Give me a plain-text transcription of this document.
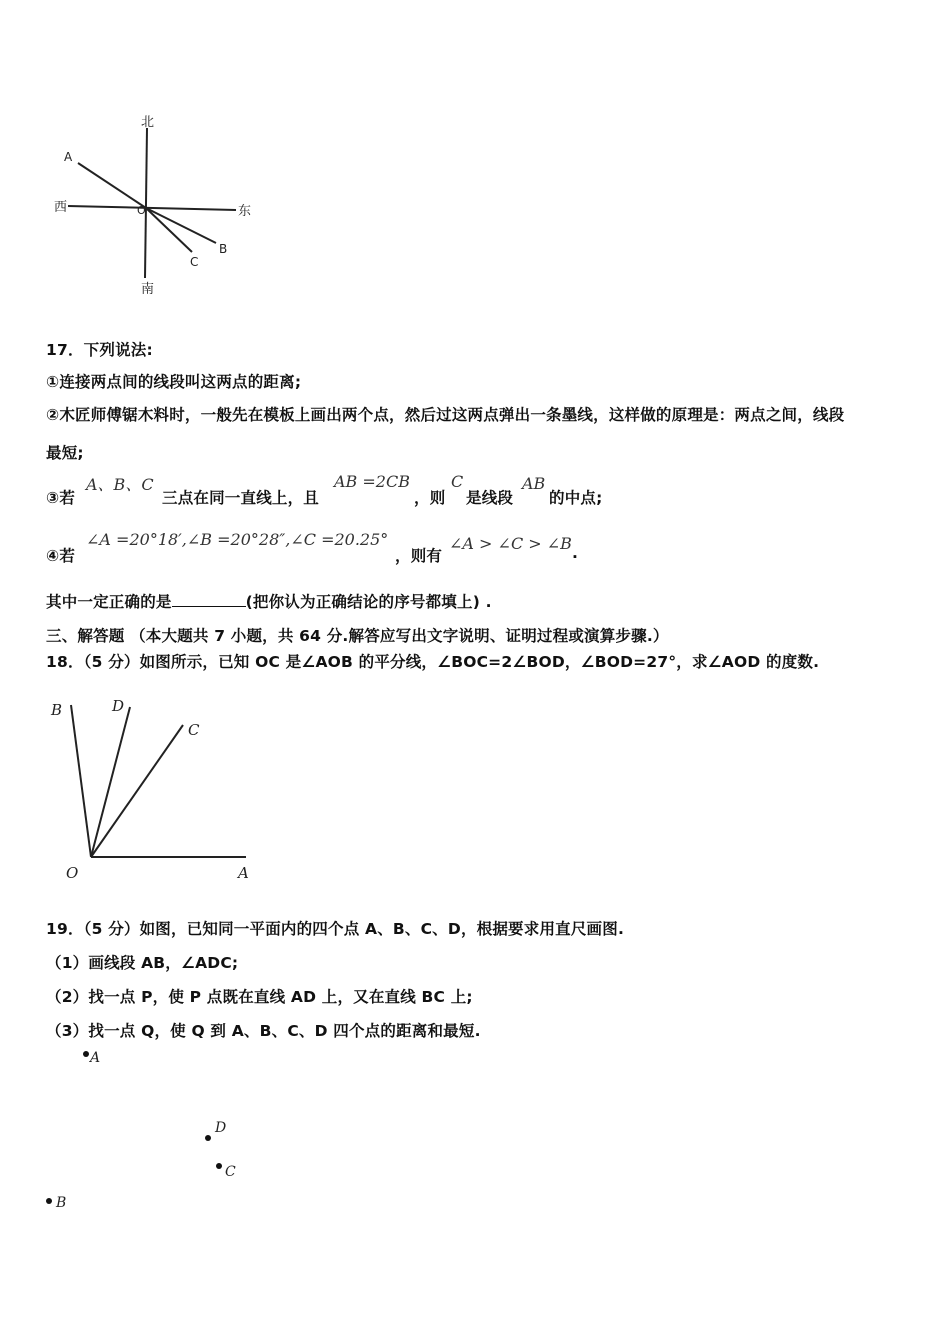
北
南
西	东
O
A
B
C
17．下列说法:
①连接两点间的线段叫这两点的距离;
②木匠师傅锯木料时，一般先在模板上画出两个点，然后过这两点弹出一条墨线，这样做的原理是：两点之间，线段
最短;
③若
A、B、C
三点在同一直线上，且
AB =2CB
，则
C
是线段
AB
的中点;
④若
∠A =20°18′,∠B =20°28″,∠C =20.25°
，则有
∠A > ∠C > ∠B .
其中一定正确的是	(把你认为正确结论的序号都填上) .
三、解答题 （本大题共 7 小题，共 64 分.解答应写出文字说明、证明过程或演算步骤.）
18．（5 分）如图所示，已知 OC 是∠AOB 的平分线，∠BOC=2∠BOD，∠BOD=27°，求∠AOD 的度数.
B	D
C
O	A
19．（5 分）如图，已知同一平面内的四个点 A、B、C、D，根据要求用直尺画图.
（1）画线段 AB，∠ADC;
（2）找一点 P，使 P 点既在直线 AD 上，又在直线 BC 上;
（3）找一点 Q，使 Q 到 A、B、C、D 四个点的距离和最短.
A
D
C
B
